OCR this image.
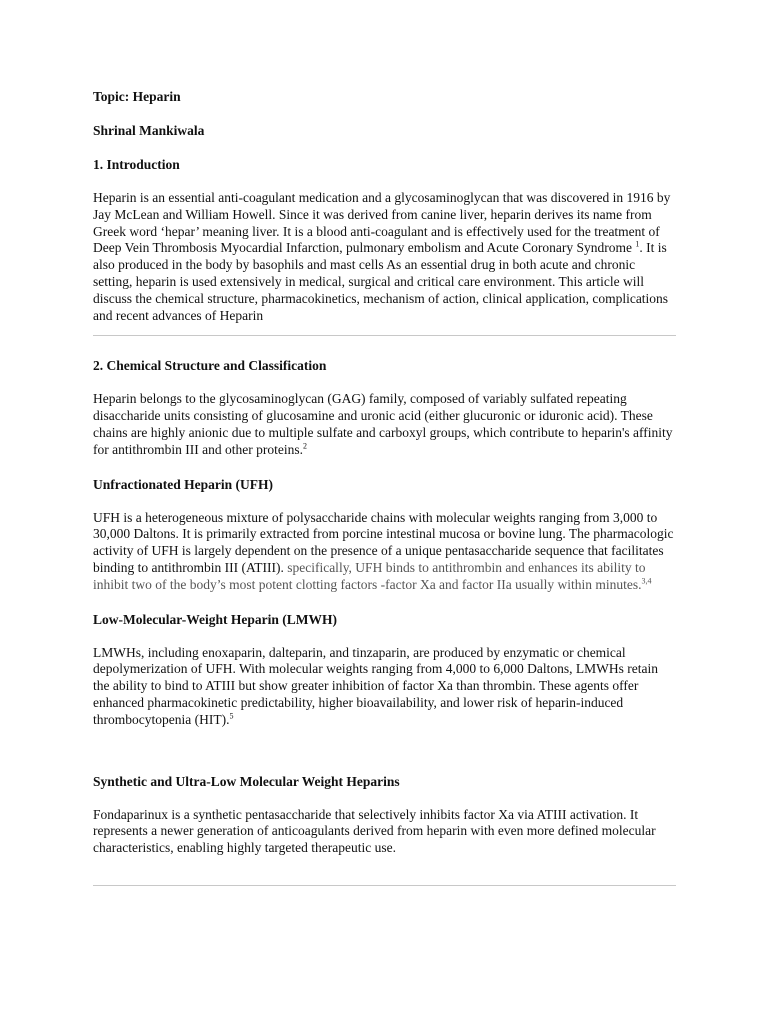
Topic: Heparin

Shrinal Mankiwala

1. Introduction

Heparin is an essential anti-coagulant medication and a glycosaminoglycan that was discovered in 1916 by Jay McLean and William Howell. Since it was derived from canine liver, heparin derives its name from Greek word ‘hepar’ meaning liver. It is a blood anti-coagulant and is effectively used for the treatment of Deep Vein Thrombosis Myocardial Infarction, pulmonary embolism and Acute Coronary Syndrome $^1$. It is also produced in the body by basophils and mast cells As an essential drug in both acute and chronic setting, heparin is used extensively in medical, surgical and critical care environment. This article will discuss the chemical structure, pharmacokinetics, mechanism of action, clinical application, complications and recent advances of Heparin

2. Chemical Structure and Classification

Heparin belongs to the glycosaminoglycan (GAG) family, composed of variably sulfated repeating disaccharide units consisting of glucosamine and uronic acid (either glucuronic or iduronic acid). These chains are highly anionic due to multiple sulfate and carboxyl groups, which contribute to heparin's affinity for antithrombin III and other proteins.$^2$

Unfractionated Heparin (UFH)

UFH is a heterogeneous mixture of polysaccharide chains with molecular weights ranging from 3,000 to 30,000 Daltons. It is primarily extracted from porcine intestinal mucosa or bovine lung. The pharmacologic activity of UFH is largely dependent on the presence of a unique pentasaccharide sequence that facilitates binding to antithrombin III (ATIII). specifically, UFH binds to antithrombin and enhances its ability to inhibit two of the body’s most potent clotting factors -factor Xa and factor IIa usually within minutes.$^{3,4}$

Low-Molecular-Weight Heparin (LMWH)

LMWHs, including enoxaparin, dalteparin, and tinzaparin, are produced by enzymatic or chemical depolymerization of UFH. With molecular weights ranging from 4,000 to 6,000 Daltons, LMWHs retain the ability to bind to ATIII but show greater inhibition of factor Xa than thrombin. These agents offer enhanced pharmacokinetic predictability, higher bioavailability, and lower risk of heparin-induced thrombocytopenia (HIT).$^5$

Synthetic and Ultra-Low Molecular Weight Heparins

Fondaparinux is a synthetic pentasaccharide that selectively inhibits factor Xa via ATIII activation. It represents a newer generation of anticoagulants derived from heparin with even more defined molecular characteristics, enabling highly targeted therapeutic use.
